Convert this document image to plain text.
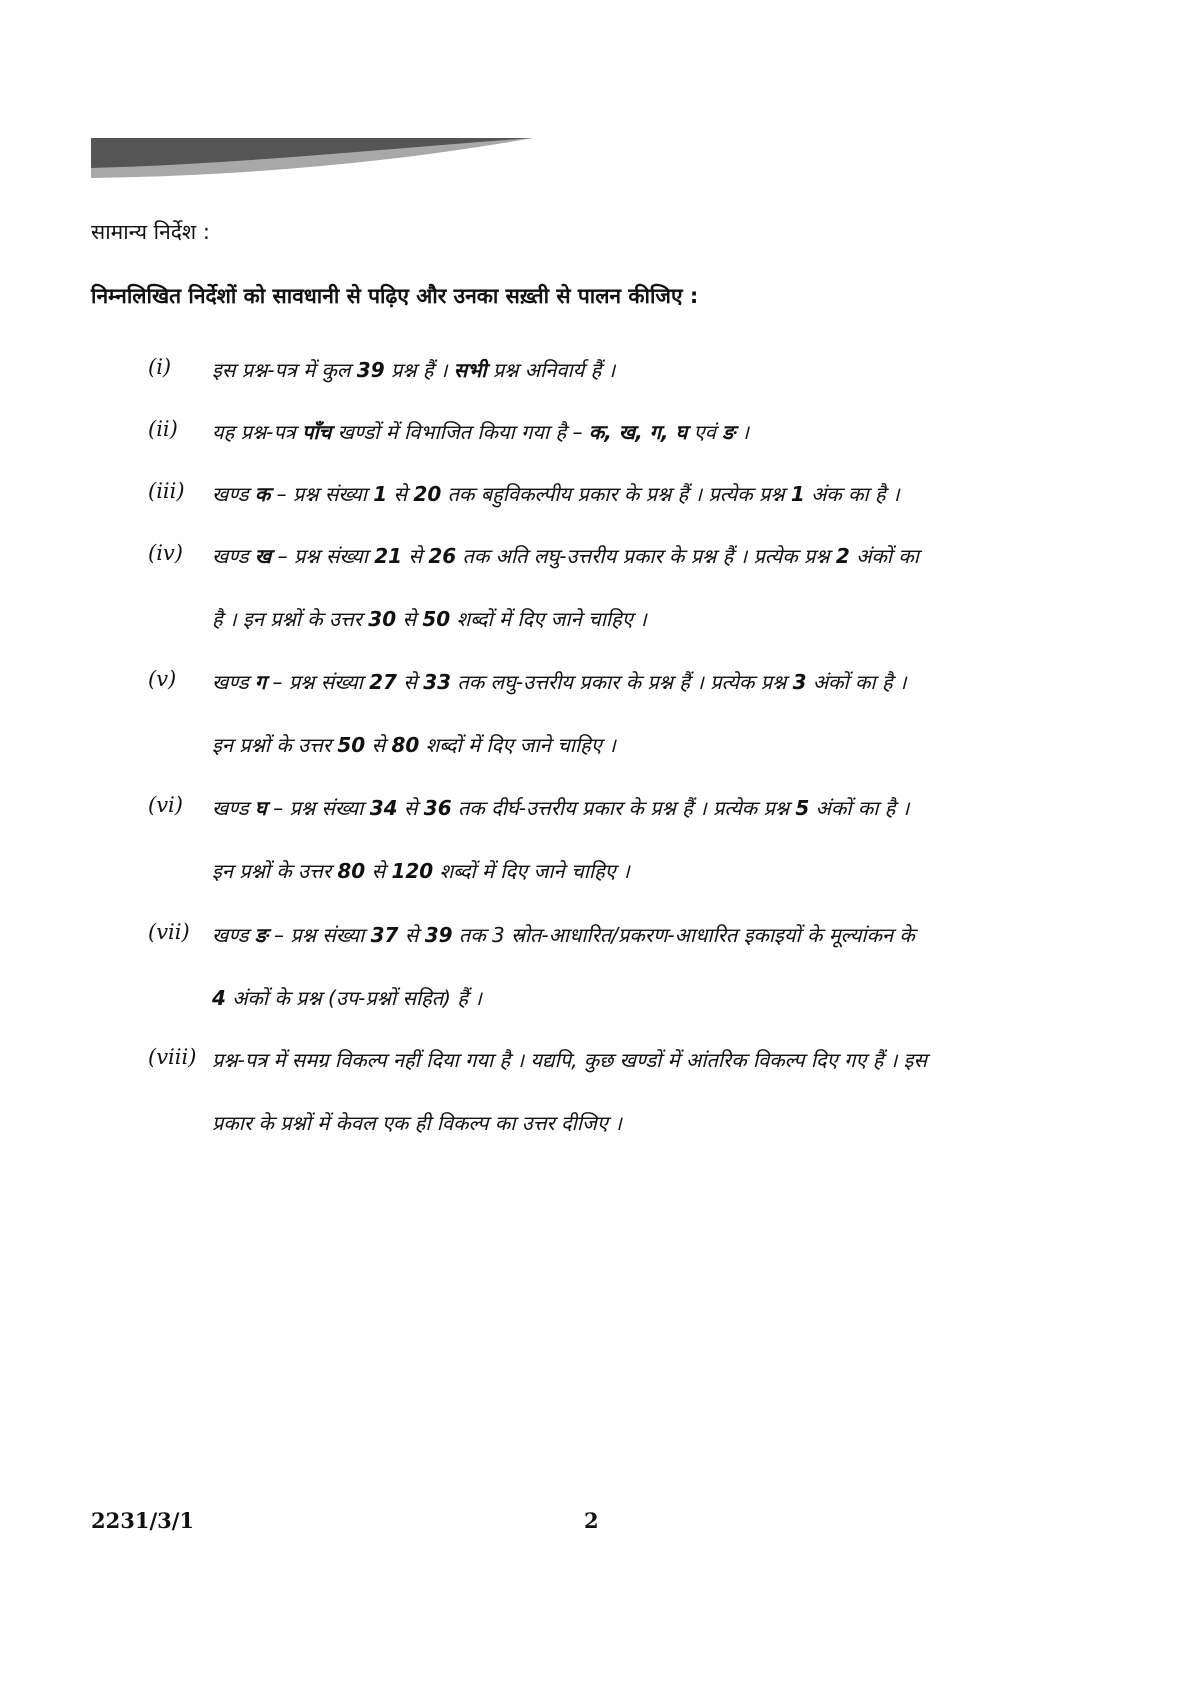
सामान्य निर्देश :
निम्नलिखित निर्देशों को सावधानी से पढ़िए और उनका सख़्ती से पालन कीजिए :
(i) इस प्रश्न-पत्र में कुल 39 प्रश्न हैं । सभी प्रश्न अनिवार्य हैं ।
(ii) यह प्रश्न-पत्र पाँच खण्डों में विभाजित किया गया है – क, ख, ग, घ एवं ङ ।
(iii) खण्ड क – प्रश्न संख्या 1 से 20 तक बहुविकल्पीय प्रकार के प्रश्न हैं । प्रत्येक प्रश्न 1 अंक का है ।
(iv) खण्ड ख – प्रश्न संख्या 21 से 26 तक अति लघु-उत्तरीय प्रकार के प्रश्न हैं । प्रत्येक प्रश्न 2 अंकों का
है । इन प्रश्नों के उत्तर 30 से 50 शब्दों में दिए जाने चाहिए ।
(v) खण्ड ग – प्रश्न संख्या 27 से 33 तक लघु-उत्तरीय प्रकार के प्रश्न हैं । प्रत्येक प्रश्न 3 अंकों का है ।
इन प्रश्नों के उत्तर 50 से 80 शब्दों में दिए जाने चाहिए ।
(vi) खण्ड घ – प्रश्न संख्या 34 से 36 तक दीर्घ-उत्तरीय प्रकार के प्रश्न हैं । प्रत्येक प्रश्न 5 अंकों का है ।
इन प्रश्नों के उत्तर 80 से 120 शब्दों में दिए जाने चाहिए ।
(vii) खण्ड ङ – प्रश्न संख्या 37 से 39 तक 3 स्रोत-आधारित/प्रकरण-आधारित इकाइयों के मूल्यांकन के
4 अंकों के प्रश्न (उप-प्रश्नों सहित) हैं ।
(viii) प्रश्न-पत्र में समग्र विकल्प नहीं दिया गया है । यद्यपि, कुछ खण्डों में आंतरिक विकल्प दिए गए हैं । इस
प्रकार के प्रश्नों में केवल एक ही विकल्प का उत्तर दीजिए ।
2231/3/1	2
